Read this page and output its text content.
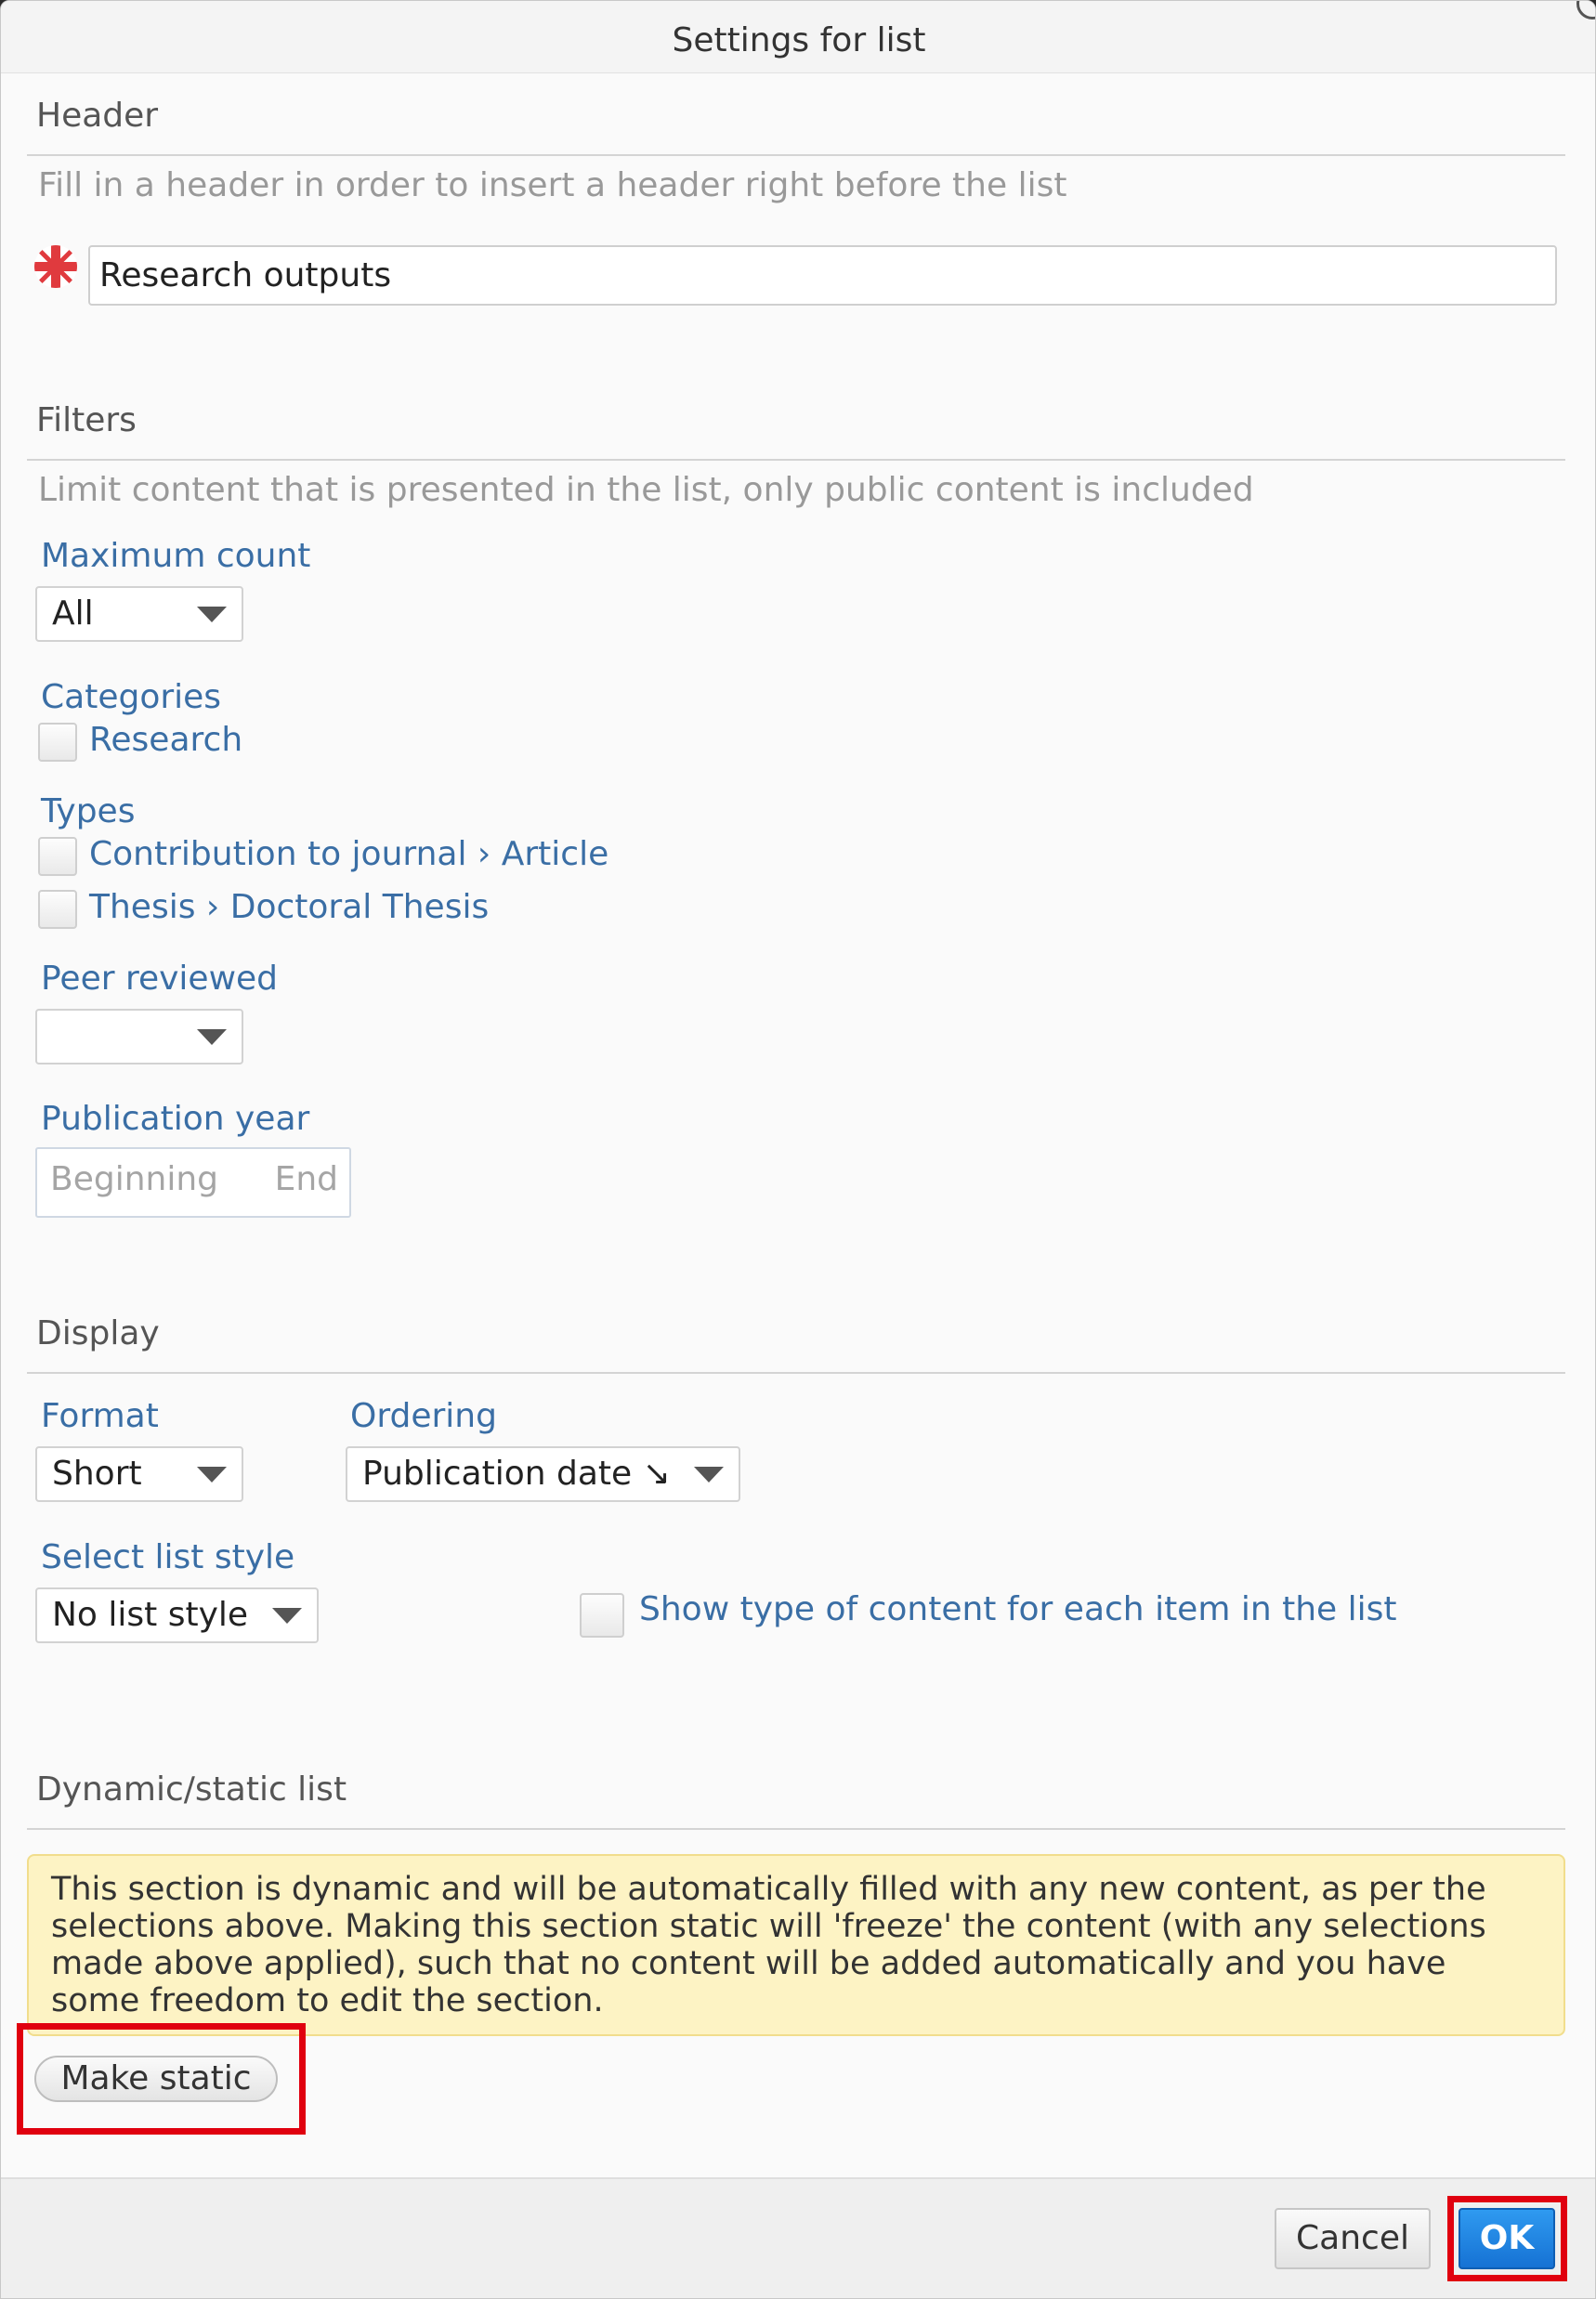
Settings for list
Header
Fill in a header in order to insert a header right before the list
Research outputs
Filters
Limit content that is presented in the list, only public content is included
Maximum count
All
Categories
Research
Types
Contribution to journal › Article
Thesis › Doctoral Thesis
Peer reviewed
Publication year
Beginning End
Display
Format
Short
Ordering
Publication date ↘
Select list style
No list style	Show type of content for each item in the list
Dynamic/static list
This section is dynamic and will be automatically filled with any new content, as per the selections above. Making this section static will 'freeze' the content (with any selections made above applied), such that no content will be added automatically and you have some freedom to edit the section.
Make static
Cancel	OK
